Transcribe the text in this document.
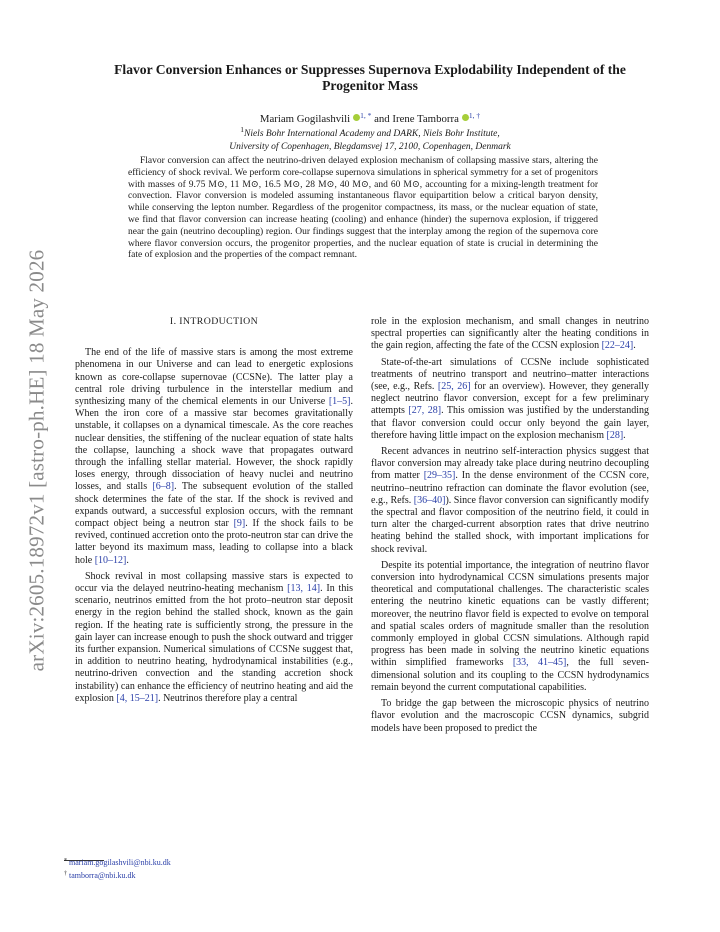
arXiv:2605.18972v1 [astro-ph.HE] 18 May 2026
Flavor Conversion Enhances or Suppresses Supernova Explodability Independent of the Progenitor Mass
Mariam Gogilashvili $^{1, *}$ and Irene Tamborra $^{1, \dagger}$
$^1$Niels Bohr International Academy and DARK, Niels Bohr Institute,
University of Copenhagen, Blegdamsvej 17, 2100, Copenhagen, Denmark

Flavor conversion can affect the neutrino-driven delayed explosion mechanism of collapsing massive stars, altering the efficiency of shock revival. We perform core-collapse supernova simulations in spherical symmetry for a set of progenitors with masses of 9.75 M⊙, 11 M⊙, 16.5 M⊙, 28 M⊙, 40 M⊙, and 60 M⊙, accounting for a mixing-length treatment for convection. Flavor conversion is modeled assuming instantaneous flavor equipartition below a critical baryon density, while conserving the lepton number. Regardless of the progenitor compactness, its mass, or the nuclear equation of state, we find that flavor conversion can increase heating (cooling) and enhance (hinder) the supernova explosion, if triggered near the gain (neutrino decoupling) region. Our findings suggest that the interplay among the region of the supernova core where flavor conversion occurs, the progenitor properties, and the nuclear equation of state is crucial in determining the fate of explosion and the properties of the compact remnant.

I. INTRODUCTION

The end of the life of massive stars is among the most extreme phenomena in our Universe and can lead to energetic explosions known as core-collapse supernovae (CCSNe). The latter play a central role driving turbulence in the interstellar medium and synthesizing many of the chemical elements in our Universe [1–5]. When the iron core of a massive star becomes gravitationally unstable, it collapses on a dynamical timescale. As the core reaches nuclear densities, the stiffening of the nuclear equation of state halts the collapse, launching a shock wave that propagates outward through the infalling stellar material. However, the shock rapidly loses energy, through dissociation of heavy nuclei and neutrino losses, and stalls [6–8]. The subsequent evolution of the stalled shock determines the fate of the star. If the shock is revived and expands outward, a successful explosion occurs, with the remnant compact object being a neutron star [9]. If the shock fails to be revived, continued accretion onto the proto-neutron star can drive the latter beyond its maximum mass, leading to collapse into a black hole [10–12].

Shock revival in most collapsing massive stars is expected to occur via the delayed neutrino-heating mechanism [13, 14]. In this scenario, neutrinos emitted from the hot proto–neutron star deposit energy in the region behind the stalled shock, known as the gain region. If the heating rate is sufficiently strong, the pressure in the gain layer can increase enough to push the shock outward and trigger its further expansion. Numerical simulations of CCSNe suggest that, in addition to neutrino heating, hydrodynamical instabilities (e.g., neutrino-driven convection and the standing accretion shock instability) can enhance the efficiency of neutrino heating and aid the explosion [4, 15–21]. Neutrinos therefore play a central

role in the explosion mechanism, and small changes in neutrino spectral properties can significantly alter the heating conditions in the gain region, affecting the fate of the CCSN explosion [22–24].

State-of-the-art simulations of CCSNe include sophisticated treatments of neutrino transport and neutrino–matter interactions (see, e.g., Refs. [25, 26] for an overview). However, they generally neglect neutrino flavor conversion, except for a few preliminary attempts [27, 28]. This omission was justified by the understanding that flavor conversion could occur only beyond the gain layer, therefore having little impact on the explosion mechanism [28].

Recent advances in neutrino self-interaction physics suggest that flavor conversion may already take place during neutrino decoupling from matter [29–35]. In the dense environment of the CCSN core, neutrino–neutrino refraction can dominate the flavor evolution (see, e.g., Refs. [36–40]). Since flavor conversion can significantly modify the spectral and flavor composition of the neutrino field, it could in turn alter the charged-current absorption rates that drive neutrino heating behind the stalled shock, with important implications for shock revival.

Despite its potential importance, the integration of neutrino flavor conversion into hydrodynamical CCSN simulations presents major theoretical and computational challenges. The characteristic scales entering the neutrino kinetic equations can be vastly different; moreover, the neutrino flavor field is expected to evolve on temporal and spatial scales orders of magnitude smaller than the resolution commonly employed in global CCSN simulations. Although rapid progress has been made in solving the neutrino kinetic equations within simplified frameworks [33, 41–45], the full seven-dimensional solution and its coupling to the CCSN hydrodynamics remain beyond the current computational capabilities.

To bridge the gap between the microscopic physics of neutrino flavor evolution and the macroscopic CCSN dynamics, subgrid models have been proposed to predict the

* mariam.gogilashvili@nbi.ku.dk
† tamborra@nbi.ku.dk
